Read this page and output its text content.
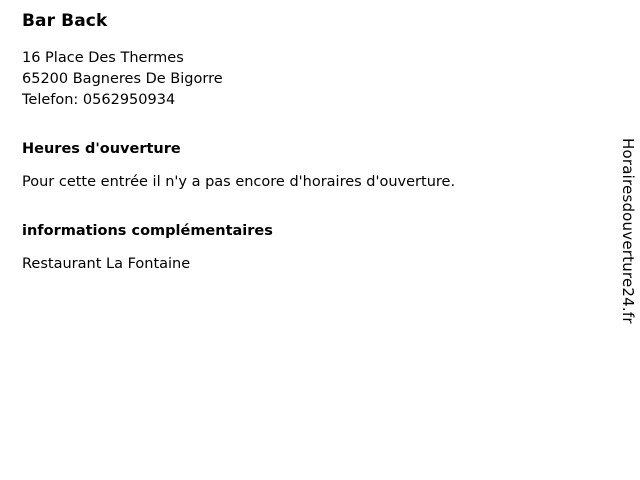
Bar Back

16 Place Des Thermes

65200 Bagneres De Bigorre

Telefon: 0562950934

Heures d'ouverture

Pour cette entrée il n'y a pas encore d'horaires d'ouverture.

informations complémentaires

Restaurant La Fontaine	Horairesdouverture24.fr
